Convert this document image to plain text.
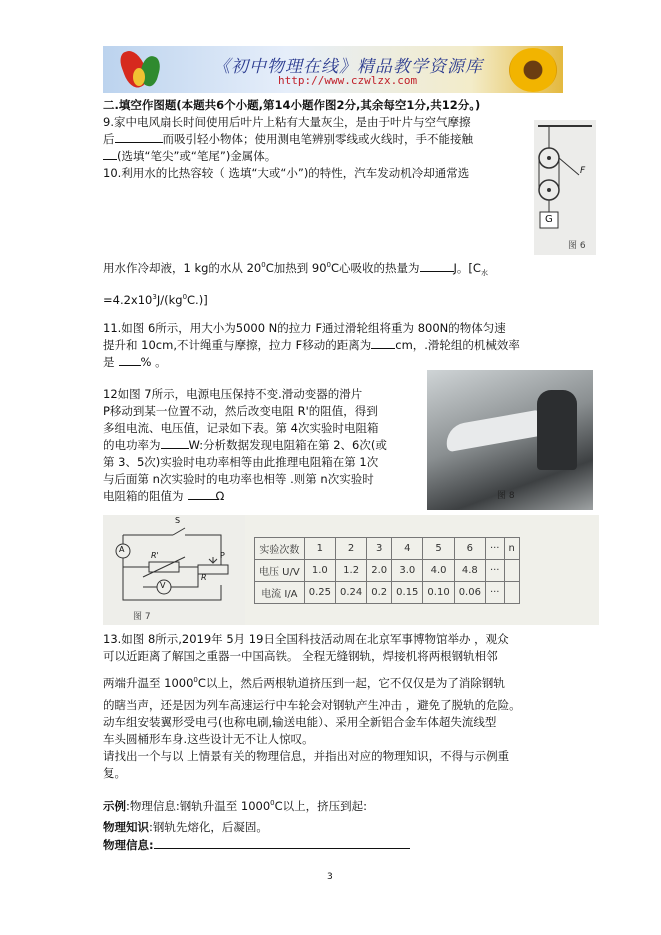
《初中物理在线》精品教学资源库
http://www.czwlzx.com
二.填空作图题(本题共6个小题,第14小题作图2分,其余每空1分,共12分。)
9.家中电风扇长时间使用后叶片上粘有大量灰尘，是由于叶片与空气摩擦
后	而吸引轻小物体；使用测电笔辨别零线或火线时，手不能接触
(选填“笔尖”或“笔尾”)金属体。
10.利用水的比热容较（ 选填“大或“小”)的特性，汽车发动机冷却通常选
用水作冷却液，1 kg的水从 $20^0C$加热到 $90^0C$心吸收的热量为	J。[$C_水$
$=4.2x10^3J/(kg^0C.)$]
G
F
图 6
11.如图 6所示，用大小为5000 N的拉力 F通过滑轮组将重为 800N的物体匀速
提升和 10cm,不计绳重与摩擦，拉力 F移动的距离为 cm，.滑轮组的机械效率
是 % 。
12如图 7所示，电源电压保持不变.滑动变器的滑片
P移动到某一位置不动，然后改变电阻 R'的阻值，得到
多组电流、电压值，记录如下表。第 4次实验时电阻箱
的电功率为 W:分析数据发现电阻箱在第 2、6次(或
第 3、5次)实验时电功率相等由此推理电阻箱在第 1次
与后面第 n次实验时的电功率也相等 .则第 n次实验时
电阻箱的阻值为	Ω	图 8
A
S
R'
V
P
R
图 7
实验次数	1	2	3	4	5	6	···	n
电压 U/V	1.0	1.2	2.0	3.0	4.0	4.8	···	
电流 I/A	0.25	0.24	0.2	0.15	0.10	0.06	···	
13.如图 8所示,2019年 5月 19日全国科技活动周在北京军事博物馆举办 ，观众
可以近距离了解国之重器一中国高铁。 全程无缝钢轨，焊接机将两根钢轨相邻
两端升温至 1000$^0$C以上，然后两根轨道挤压到一起，它不仅仅是为了消除钢轨
的瞎当声，还是因为列车高速运行中车轮会对钢轨产生冲击 ，避免了脱轨的危险。
动车组安装翼形受电弓(也称电刷,输送电能）、采用全新铝合金车体超失流线型
车头圆桶形车身.这些设计无不让人惊叹。
请找出一个与以 上情景有关的物理信息，并指出对应的物理知识，不得与示例重
复。
示例:物理信息:钢轨升温至 1000$^0$C以上，挤压到起:
物理知识:钢轨先熔化，后凝固。
物理信息:
3
